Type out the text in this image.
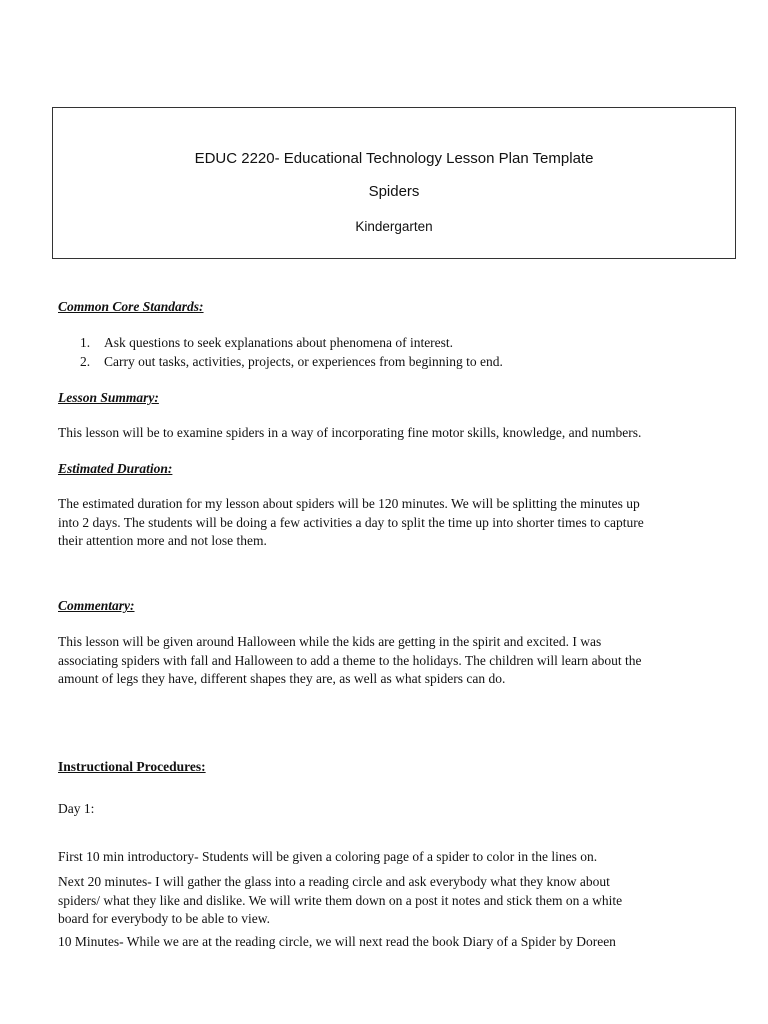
EDUC 2220- Educational Technology Lesson Plan Template
Spiders
Kindergarten
Common Core Standards:
1. Ask questions to seek explanations about phenomena of interest.
2. Carry out tasks, activities, projects, or experiences from beginning to end.
Lesson Summary:
This lesson will be to examine spiders in a way of incorporating fine motor skills, knowledge, and numbers.
Estimated Duration:
The estimated duration for my lesson about spiders will be 120 minutes. We will be splitting the minutes up
into 2 days. The students will be doing a few activities a day to split the time up into shorter times to capture
their attention more and not lose them.
Commentary:
This lesson will be given around Halloween while the kids are getting in the spirit and excited. I was
associating spiders with fall and Halloween to add a theme to the holidays. The children will learn about the
amount of legs they have, different shapes they are, as well as what spiders can do.
Instructional Procedures:
Day 1:
First 10 min introductory- Students will be given a coloring page of a spider to color in the lines on.
Next 20 minutes- I will gather the glass into a reading circle and ask everybody what they know about
spiders/ what they like and dislike. We will write them down on a post it notes and stick them on a white
board for everybody to be able to view.
10 Minutes- While we are at the reading circle, we will next read the book Diary of a Spider by Doreen
